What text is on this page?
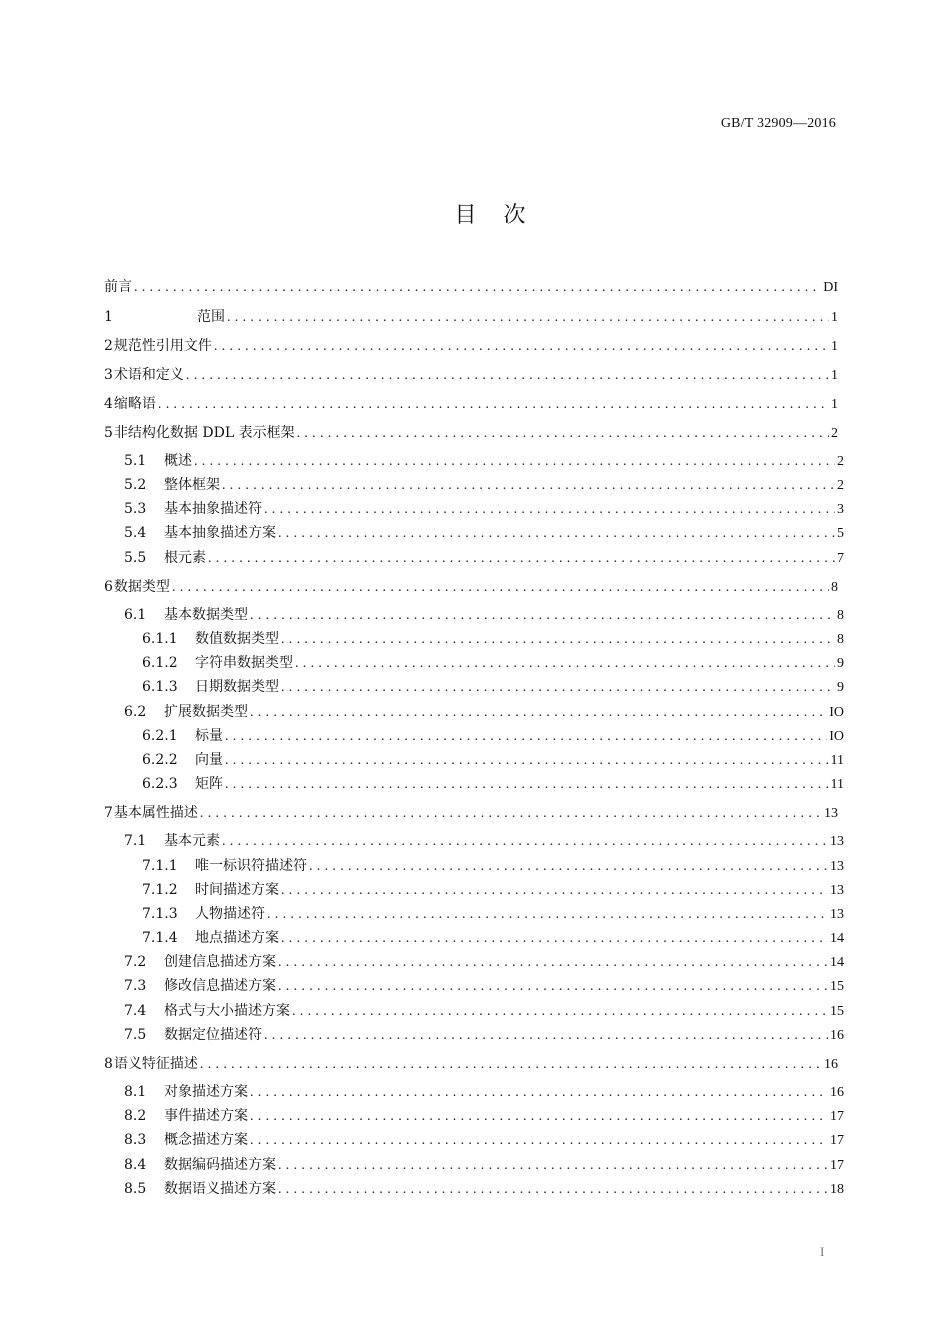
GB/T 32909—2016
目 次
前言 . . .	DI
1	范围 . . .	1
2 规范性引用文件 . . .	1
3 术语和定义 . . .	1
4 缩略语 . . .	1
5 非结构化数据 DDL 表示框架 . . .	2
5.1	概述 . . .	2
5.2	整体框架 . . .	2
5.3	基本抽象描述符 . . .	3
5.4	基本抽象描述方案 . . .	5
5.5	根元素 . . .	7
6 数据类型 . . .	8
6.1	基本数据类型 . . .	8
6.1.1	数值数据类型 . . .	8
6.1.2	字符串数据类型 . . .	9
6.1.3	日期数据类型 . . .	9
6.2	扩展数据类型 . . .	IO
6.2.1	标量 . . .	IO
6.2.2	向量 . . .	11
6.2.3	矩阵 . . .	11
7 基本属性描述 . . .	13
7.1	基本元素 . . .	13
7.1.1	唯一标识符描述符 . . .	13
7.1.2	时间描述方案 . . .	13
7.1.3	人物描述符 . . .	13
7.1.4	地点描述方案 . . .	14
7.2	创建信息描述方案 . . .	14
7.3	修改信息描述方案 . . .	15
7.4	格式与大小描述方案 . . .	15
7.5	数据定位描述符 . . .	16
8 语义特征描述 . . .	16
8.1	对象描述方案 . . .	16
8.2	事件描述方案 . . .	17
8.3	概念描述方案 . . .	17
8.4	数据编码描述方案 . . .	17
8.5	数据语义描述方案 . . .	18
I
